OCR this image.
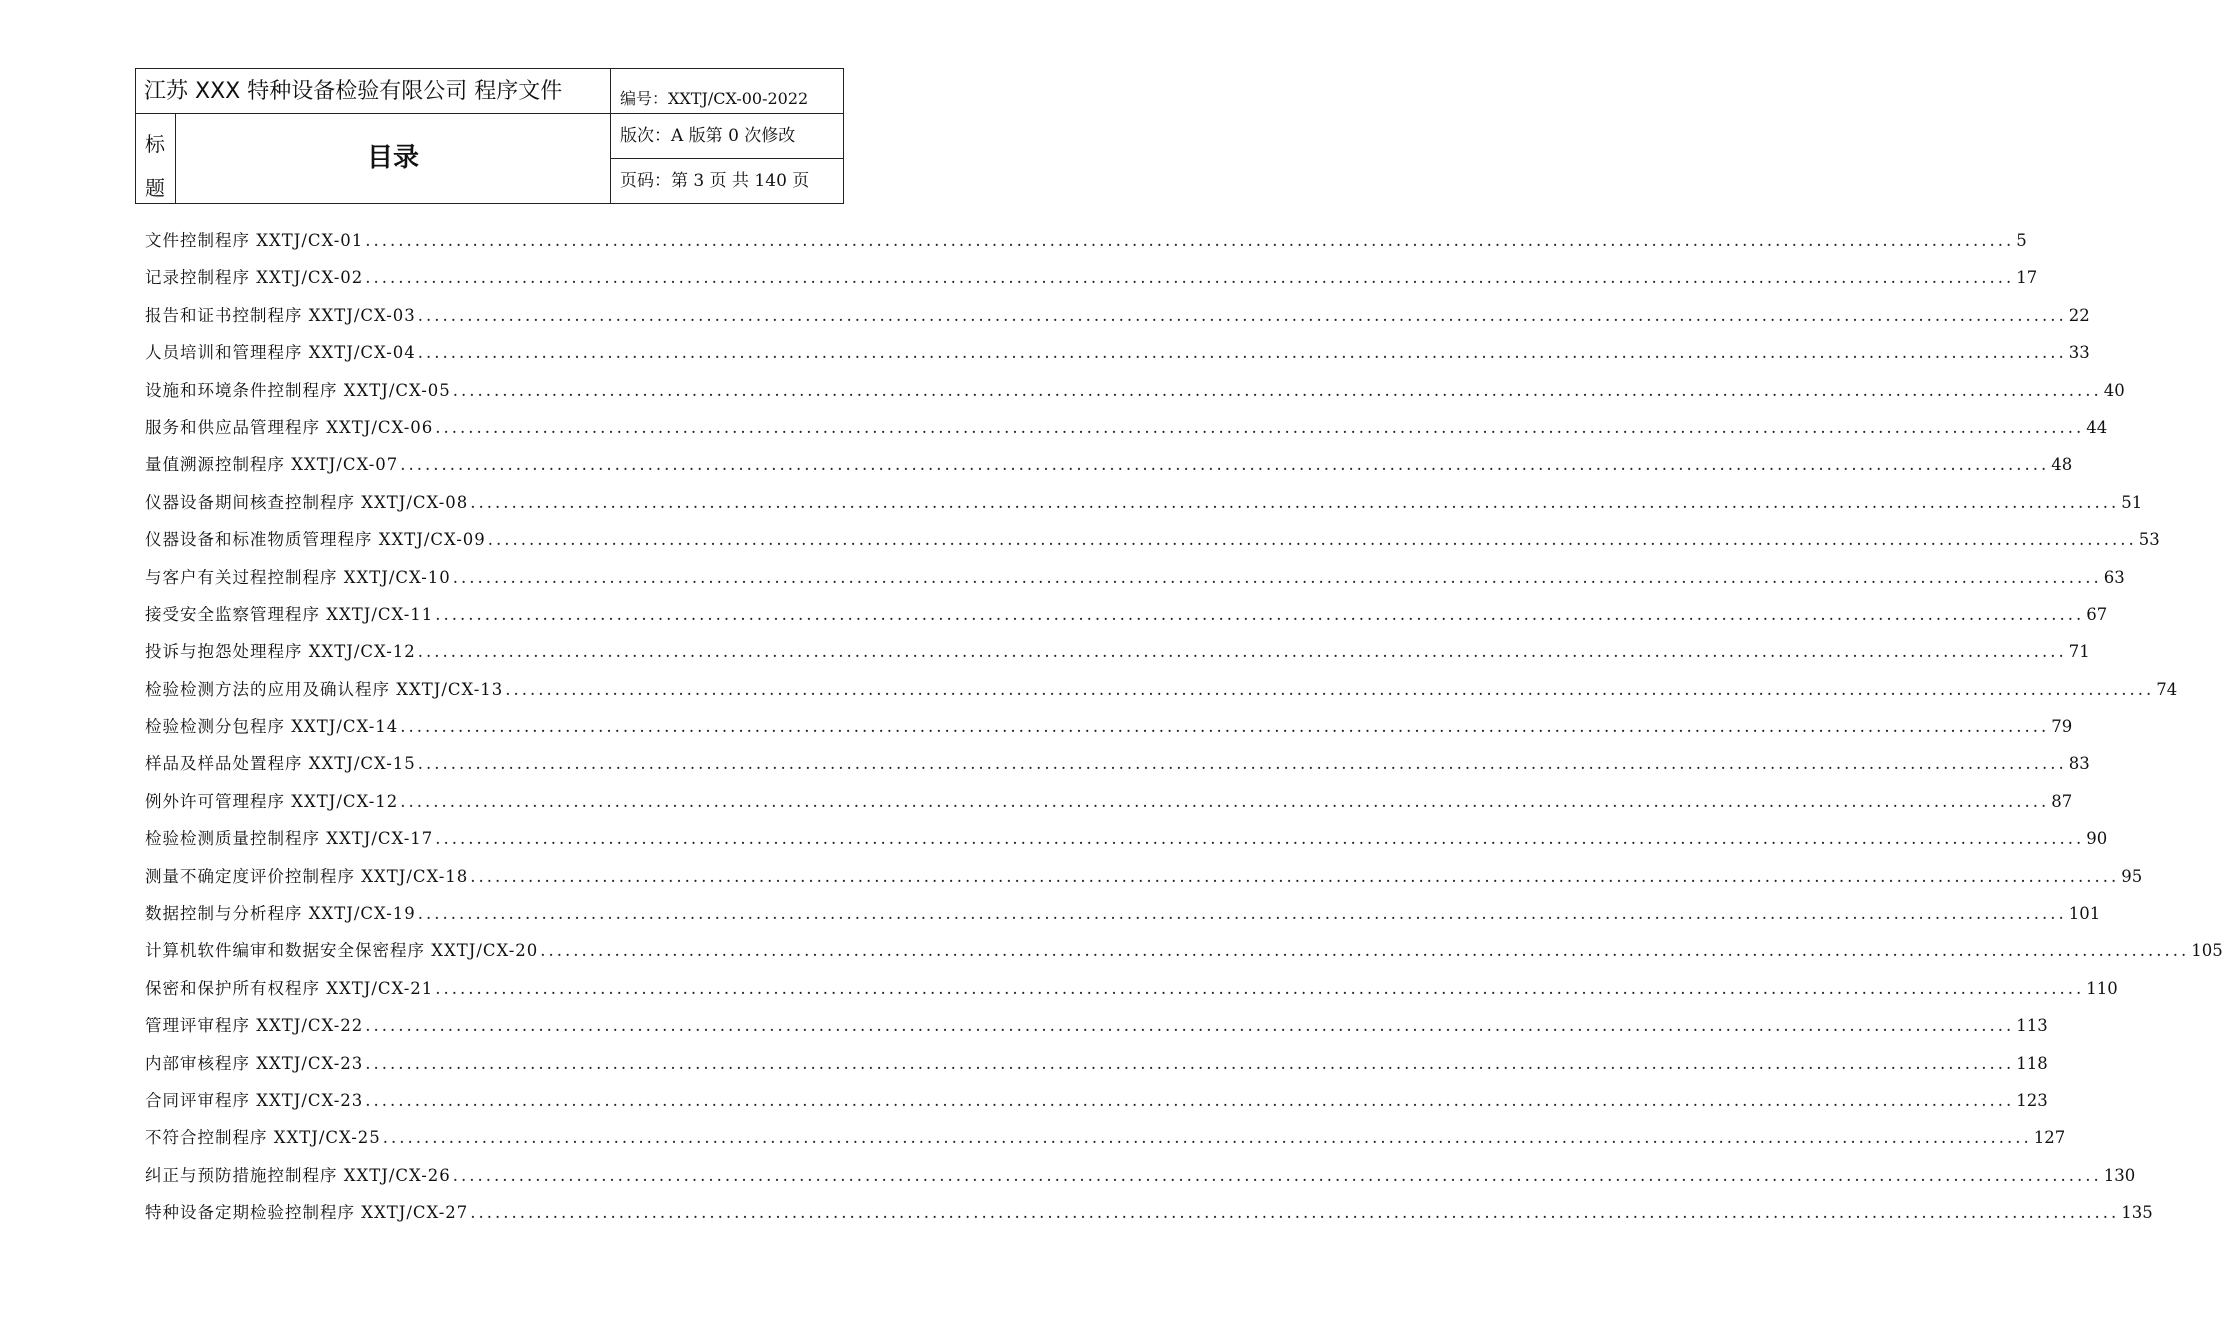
江苏 XXX 特种设备检验有限公司 程序文件	编号：XXTJ/CX-00-2022
标
题
目录
版次：A 版第 0 次修改
页码：第 3 页 共 140 页
文件控制程序 XXTJ/CX-01 ........................................................................................................................................................................................................ 5
记录控制程序 XXTJ/CX-02 ........................................................................................................................................................................................................ 17
报告和证书控制程序 XXTJ/CX-03 ........................................................................................................................................................................................................ 22
人员培训和管理程序 XXTJ/CX-04 ........................................................................................................................................................................................................ 33
设施和环境条件控制程序 XXTJ/CX-05 ........................................................................................................................................................................................................ 40
服务和供应品管理程序 XXTJ/CX-06 ........................................................................................................................................................................................................ 44
量值溯源控制程序 XXTJ/CX-07 ........................................................................................................................................................................................................ 48
仪器设备期间核查控制程序 XXTJ/CX-08 ........................................................................................................................................................................................................ 51
仪器设备和标准物质管理程序 XXTJ/CX-09 ........................................................................................................................................................................................................ 53
与客户有关过程控制程序 XXTJ/CX-10 ........................................................................................................................................................................................................ 63
接受安全监察管理程序 XXTJ/CX-11 ........................................................................................................................................................................................................ 67
投诉与抱怨处理程序 XXTJ/CX-12 ........................................................................................................................................................................................................ 71
检验检测方法的应用及确认程序 XXTJ/CX-13 ........................................................................................................................................................................................................ 74
检验检测分包程序 XXTJ/CX-14 ........................................................................................................................................................................................................ 79
样品及样品处置程序 XXTJ/CX-15 ........................................................................................................................................................................................................ 83
例外许可管理程序 XXTJ/CX-12 ........................................................................................................................................................................................................ 87
检验检测质量控制程序 XXTJ/CX-17 ........................................................................................................................................................................................................ 90
测量不确定度评价控制程序 XXTJ/CX-18 ........................................................................................................................................................................................................ 95
数据控制与分析程序 XXTJ/CX-19 ........................................................................................................................................................................................................ 101
计算机软件编审和数据安全保密程序 XXTJ/CX-20 ........................................................................................................................................................................................................ 105
保密和保护所有权程序 XXTJ/CX-21 ........................................................................................................................................................................................................ 110
管理评审程序 XXTJ/CX-22 ........................................................................................................................................................................................................ 113
内部审核程序 XXTJ/CX-23 ........................................................................................................................................................................................................ 118
合同评审程序 XXTJ/CX-23 ........................................................................................................................................................................................................ 123
不符合控制程序 XXTJ/CX-25 ........................................................................................................................................................................................................ 127
纠正与预防措施控制程序 XXTJ/CX-26 ........................................................................................................................................................................................................ 130
特种设备定期检验控制程序 XXTJ/CX-27 ........................................................................................................................................................................................................ 135
